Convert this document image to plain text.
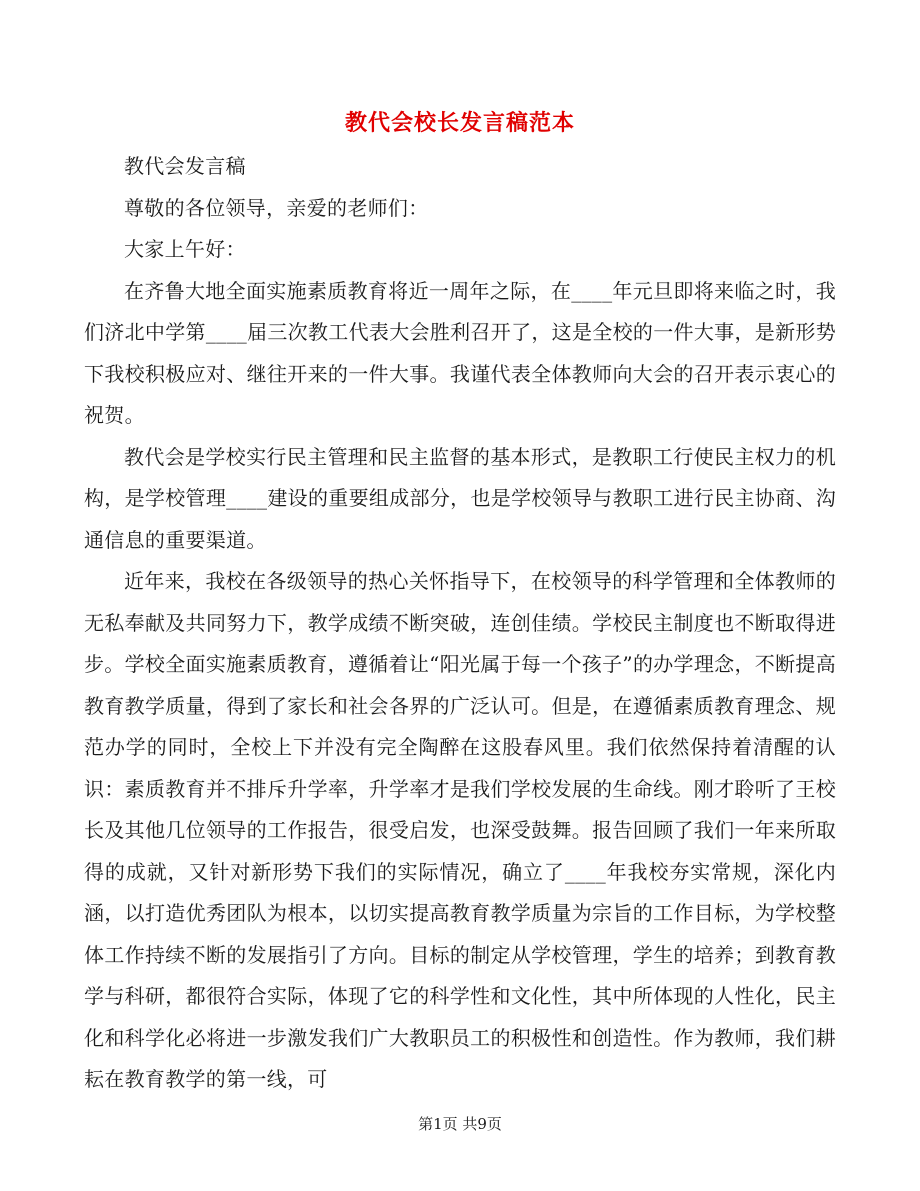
教代会校长发言稿范本

教代会发言稿

尊敬的各位领导，亲爱的老师们：

大家上午好：

在齐鲁大地全面实施素质教育将近一周年之际，在____年元旦即将来临之时，我们济北中学第____届三次教工代表大会胜利召开了，这是全校的一件大事，是新形势下我校积极应对、继往开来的一件大事。我谨代表全体教师向大会的召开表示衷心的祝贺。

教代会是学校实行民主管理和民主监督的基本形式，是教职工行使民主权力的机构，是学校管理____建设的重要组成部分，也是学校领导与教职工进行民主协商、沟通信息的重要渠道。

近年来，我校在各级领导的热心关怀指导下，在校领导的科学管理和全体教师的无私奉献及共同努力下，教学成绩不断突破，连创佳绩。学校民主制度也不断取得进步。学校全面实施素质教育，遵循着让“阳光属于每一个孩子”的办学理念，不断提高教育教学质量，得到了家长和社会各界的广泛认可。但是，在遵循素质教育理念、规范办学的同时，全校上下并没有完全陶醉在这股春风里。我们依然保持着清醒的认识：素质教育并不排斥升学率，升学率才是我们学校发展的生命线。刚才聆听了王校长及其他几位领导的工作报告，很受启发，也深受鼓舞。报告回顾了我们一年来所取得的成就，又针对新形势下我们的实际情况，确立了____年我校夯实常规，深化内涵，以打造优秀团队为根本，以切实提高教育教学质量为宗旨的工作目标，为学校整体工作持续不断的发展指引了方向。目标的制定从学校管理，学生的培养；到教育教学与科研，都很符合实际，体现了它的科学性和文化性，其中所体现的人性化，民主化和科学化必将进一步激发我们广大教职员工的积极性和创造性。作为教师，我们耕耘在教育教学的第一线，可

第1页 共9页
